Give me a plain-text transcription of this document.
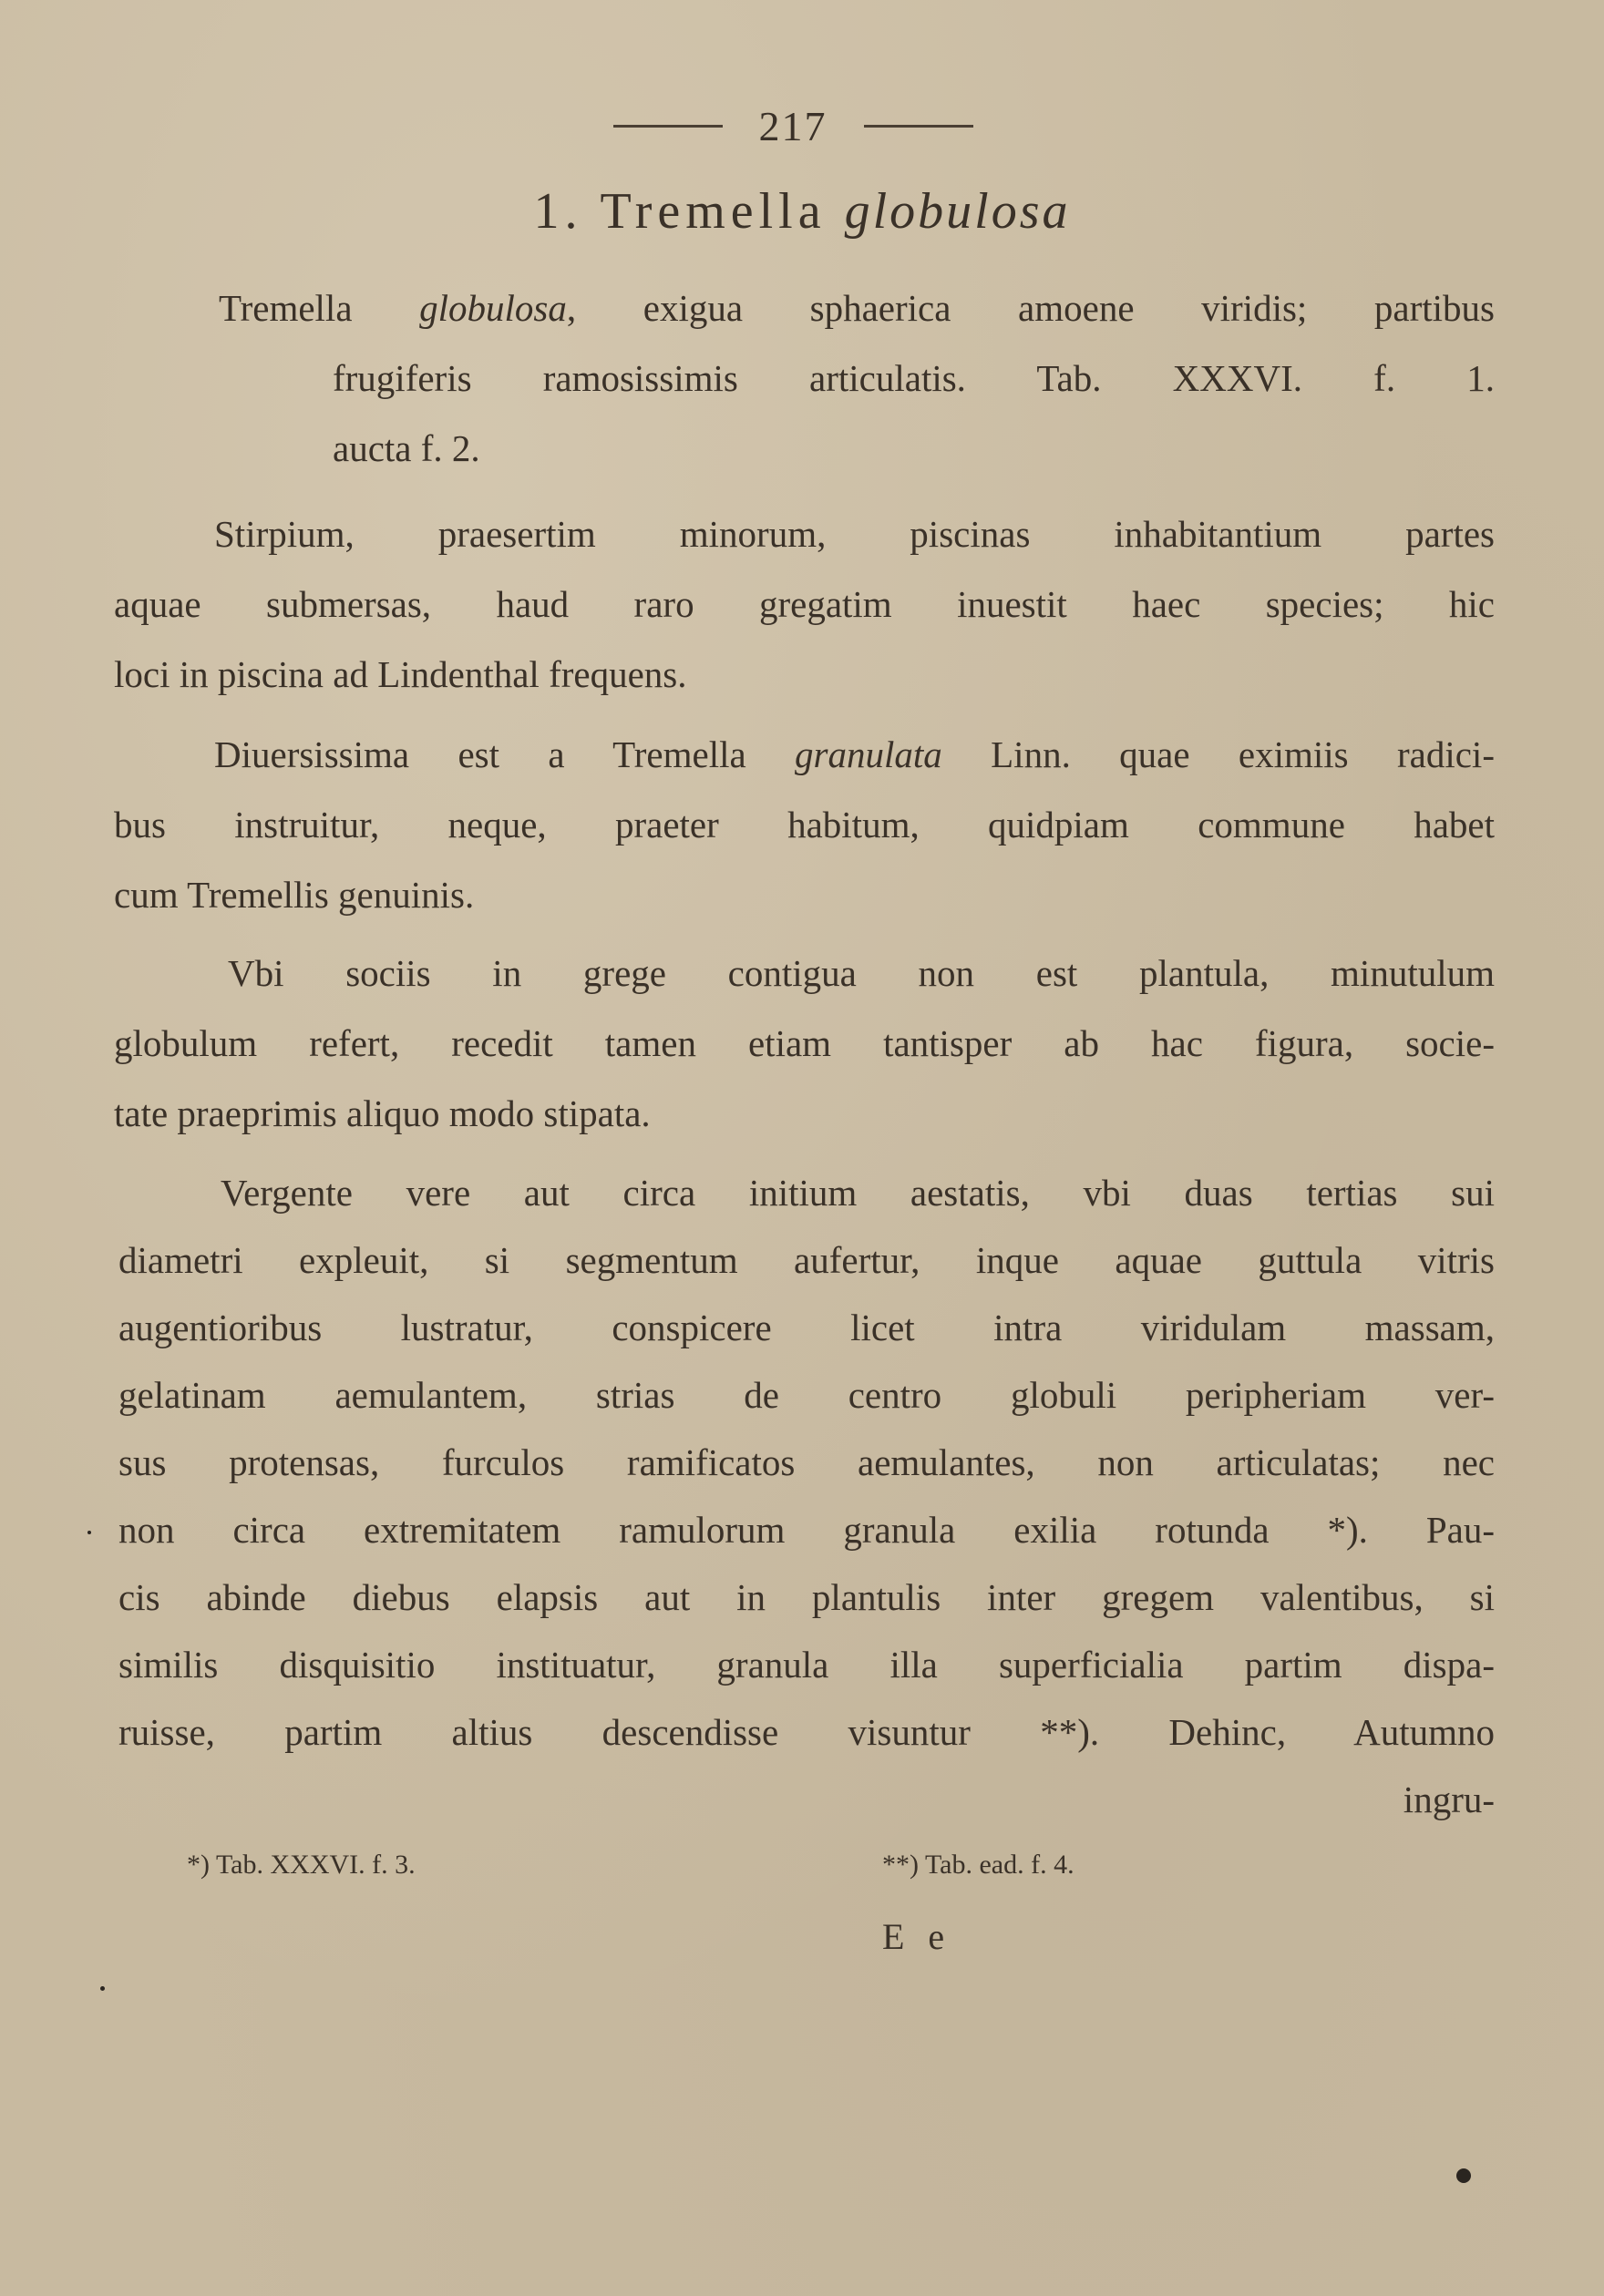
217
1. Tremella globulosa
Tremella globulosa, exigua sphaerica amoene viridis; partibus
frugiferis ramosissimis articulatis. Tab. XXXVI. f. 1.
aucta f. 2.
Stirpium, praesertim minorum, piscinas inhabitantium partes
aquae submersas, haud raro gregatim inuestit haec species; hic
loci in piscina ad Lindenthal frequens.
Diuersissima est a Tremella granulata Linn. quae eximiis radici-
bus instruitur, neque, praeter habitum, quidpiam commune habet
cum Tremellis genuinis.
Vbi sociis in grege contigua non est plantula, minutulum
globulum refert, recedit tamen etiam tantisper ab hac figura, socie-
tate praeprimis aliquo modo stipata.
Vergente vere aut circa initium aestatis, vbi duas tertias sui
diametri expleuit, si segmentum aufertur, inque aquae guttula vitris
augentioribus lustratur, conspicere licet intra viridulam massam,
gelatinam aemulantem, strias de centro globuli peripheriam ver-
sus protensas, furculos ramificatos aemulantes, non articulatas; nec
non circa extremitatem ramulorum granula exilia rotunda *). Pau-
cis abinde diebus elapsis aut in plantulis inter gregem valentibus, si
similis disquisitio instituatur, granula illa superficialia partim dispa-
ruisse, partim altius descendisse visuntur **). Dehinc, Autumno
ingru-
*) Tab. XXXVI. f. 3.	**) Tab. ead. f. 4.
E e
